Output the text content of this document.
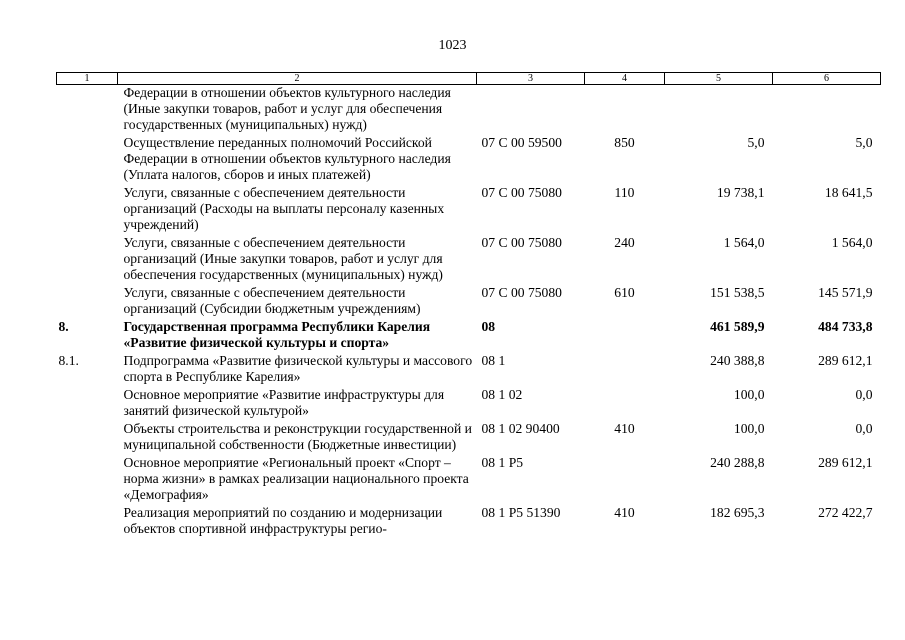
1023
1	2	3	4	5	6
	Федерации в отношении объектов культурного наследия (Иные закупки товаров, работ и услуг для обеспечения государственных (муниципальных) нужд)				
	Осуществление переданных полномочий Российской Федерации в отношении объектов культурного наследия (Уплата налогов, сборов и иных платежей)	07 С 00 59500	850	5,0	5,0
	Услуги, связанные с обеспечением деятельности организаций (Расходы на выплаты персоналу казенных учреждений)	07 С 00 75080	110	19 738,1	18 641,5
	Услуги, связанные с обеспечением деятельности организаций (Иные закупки товаров, работ и услуг для обеспечения государственных (муниципальных) нужд)	07 С 00 75080	240	1 564,0	1 564,0
	Услуги, связанные с обеспечением деятельности организаций (Субсидии бюджетным учреждениям)	07 С 00 75080	610	151 538,5	145 571,9
8.	Государственная программа Республики Карелия «Развитие физической культуры и спорта»	08		461 589,9	484 733,8
8.1.	Подпрограмма «Развитие физической культуры и массового спорта в Республике Карелия»	08 1		240 388,8	289 612,1
	Основное мероприятие «Развитие инфраструктуры для занятий физической культурой»	08 1 02		100,0	0,0
	Объекты строительства и реконструкции государственной и муниципальной собственности (Бюджетные инвестиции)	08 1 02 90400	410	100,0	0,0
	Основное мероприятие «Региональный проект «Спорт – норма жизни» в рамках реализации национального проекта «Демография»	08 1 P5		240 288,8	289 612,1
	Реализация мероприятий по созданию и модернизации объектов спортивной инфраструктуры регио-	08 1 P5 51390	410	182 695,3	272 422,7
